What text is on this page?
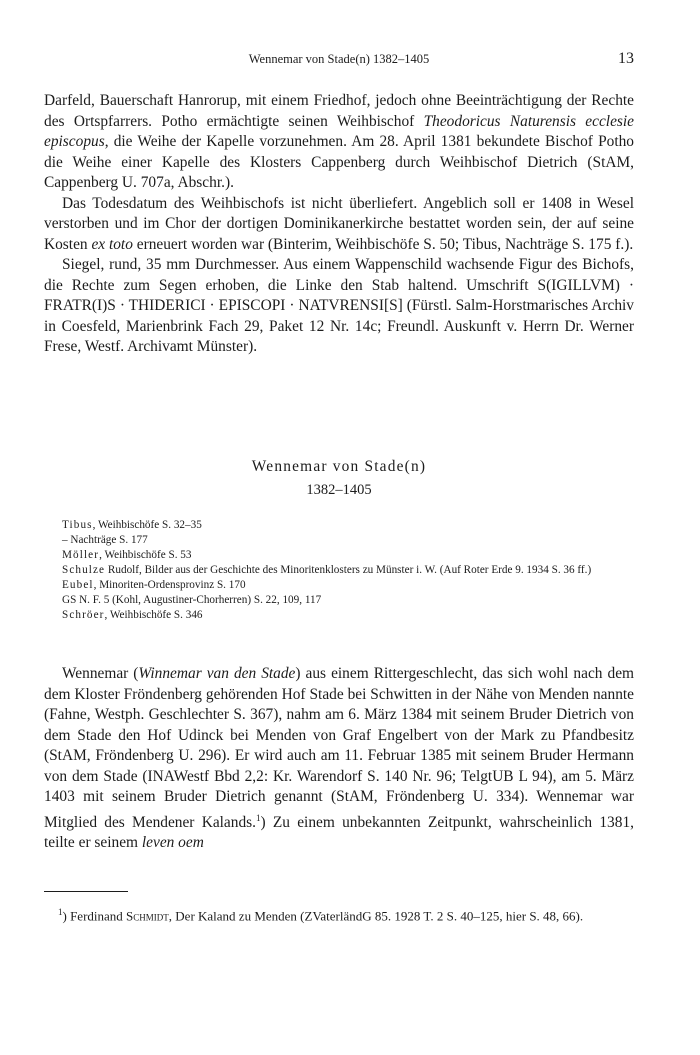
Wennemar von Stade(n) 1382–1405	13

Darfeld, Bauerschaft Hanrorup, mit einem Friedhof, jedoch ohne Beeinträchtigung der Rechte des Ortspfarrers. Potho ermächtigte seinen Weihbischof Theodoricus Naturensis ecclesie episcopus, die Weihe der Kapelle vorzunehmen. Am 28. April 1381 bekundete Bischof Potho die Weihe einer Kapelle des Klosters Cappenberg durch Weihbischof Dietrich (StAM, Cappenberg U. 707a, Abschr.).

Das Todesdatum des Weihbischofs ist nicht überliefert. Angeblich soll er 1408 in Wesel verstorben und im Chor der dortigen Dominikanerkirche bestattet worden sein, der auf seine Kosten ex toto erneuert worden war (Binterim, Weihbischöfe S. 50; Tibus, Nachträge S. 175 f.).

Siegel, rund, 35 mm Durchmesser. Aus einem Wappenschild wachsende Figur des Bichofs, die Rechte zum Segen erhoben, die Linke den Stab haltend. Umschrift S(IGILLVM) · FRATR(I)S · THIDERICI · EPISCOPI · NATVRENSI[S] (Fürstl. Salm-Horstmarisches Archiv in Coesfeld, Marienbrink Fach 29, Paket 12 Nr. 14c; Freundl. Auskunft v. Herrn Dr. Werner Frese, Westf. Archivamt Münster).

Wennemar von Stade(n)
1382–1405

Tibus, Weihbischöfe S. 32–35

– Nachträge S. 177

Möller, Weihbischöfe S. 53

Schulze Rudolf, Bilder aus der Geschichte des Minoritenklosters zu Münster i. W. (Auf Roter Erde 9. 1934 S. 36 ff.)

Eubel, Minoriten-Ordensprovinz S. 170

GS N. F. 5 (Kohl, Augustiner-Chorherren) S. 22, 109, 117

Schröer, Weihbischöfe S. 346

Wennemar (Winnemar van den Stade) aus einem Rittergeschlecht, das sich wohl nach dem dem Kloster Fröndenberg gehörenden Hof Stade bei Schwitten in der Nähe von Menden nannte (Fahne, Westph. Geschlechter S. 367), nahm am 6. März 1384 mit seinem Bruder Dietrich von dem Stade den Hof Udinck bei Menden von Graf Engelbert von der Mark zu Pfandbesitz (StAM, Fröndenberg U. 296). Er wird auch am 11. Februar 1385 mit seinem Bruder Hermann von dem Stade (INAWestf Bbd 2,2: Kr. Warendorf S. 140 Nr. 96; TelgtUB L 94), am 5. März 1403 mit seinem Bruder Dietrich genannt (StAM, Fröndenberg U. 334). Wennemar war Mitglied des Mendener Kalands.$^1$) Zu einem unbekannten Zeitpunkt, wahrscheinlich 1381, teilte er seinem leven oem

$^1$) Ferdinand Schmidt, Der Kaland zu Menden (ZVaterländG 85. 1928 T. 2 S. 40–125, hier S. 48, 66).
